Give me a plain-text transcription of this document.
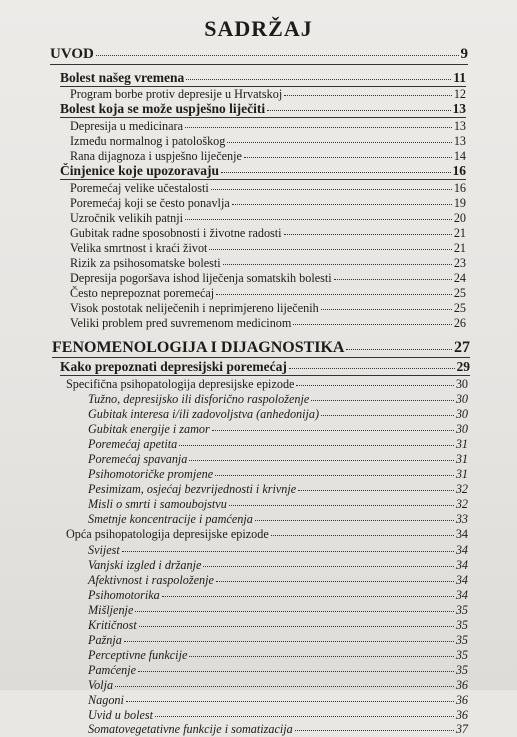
SADRŽAJ
UVOD	9
Bolest našeg vremena	11
Program borbe protiv depresije u Hrvatskoj	12
Bolest koja se može uspješno liječiti	13
Depresija u medicinara	13
Između normalnog i patološkog	13
Rana dijagnoza i uspješno liječenje	14
Činjenice koje upozoravaju	16
Poremećaj velike učestalosti	16
Poremećaj koji se često ponavlja	19
Uzročnik velikih patnji	20
Gubitak radne sposobnosti i životne radosti	21
Velika smrtnost i kraći život	21
Rizik za psihosomatske bolesti	23
Depresija pogoršava ishod liječenja somatskih bolesti	24
Često neprepoznat poremećaj	25
Visok postotak neliječenih i neprimjereno liječenih	25
Veliki problem pred suvremenom medicinom	26
FENOMENOLOGIJA I DIJAGNOSTIKA	27
Kako prepoznati depresijski poremećaj	29
Specifična psihopatologija depresijske epizode	30
Tužno, depresijsko ili disforično raspoloženje	30
Gubitak interesa i/ili zadovoljstva (anhedonija)	30
Gubitak energije i zamor	30
Poremećaj apetita	31
Poremećaj spavanja	31
Psihomotoričke promjene	31
Pesimizam, osjećaj bezvrijednosti i krivnje	32
Misli o smrti i samoubojstvu	32
Smetnje koncentracije i pamćenja	33
Opća psihopatologija depresijske epizode	34
Svijest	34
Vanjski izgled i držanje	34
Afektivnost i raspoloženje	34
Psihomotorika	34
Mišljenje	35
Kritičnost	35
Pažnja	35
Perceptivne funkcije	35
Pamćenje	35
Volja	36
Nagoni	36
Uvid u bolest	36
Somatovegetativne funkcije i somatizacija	37
